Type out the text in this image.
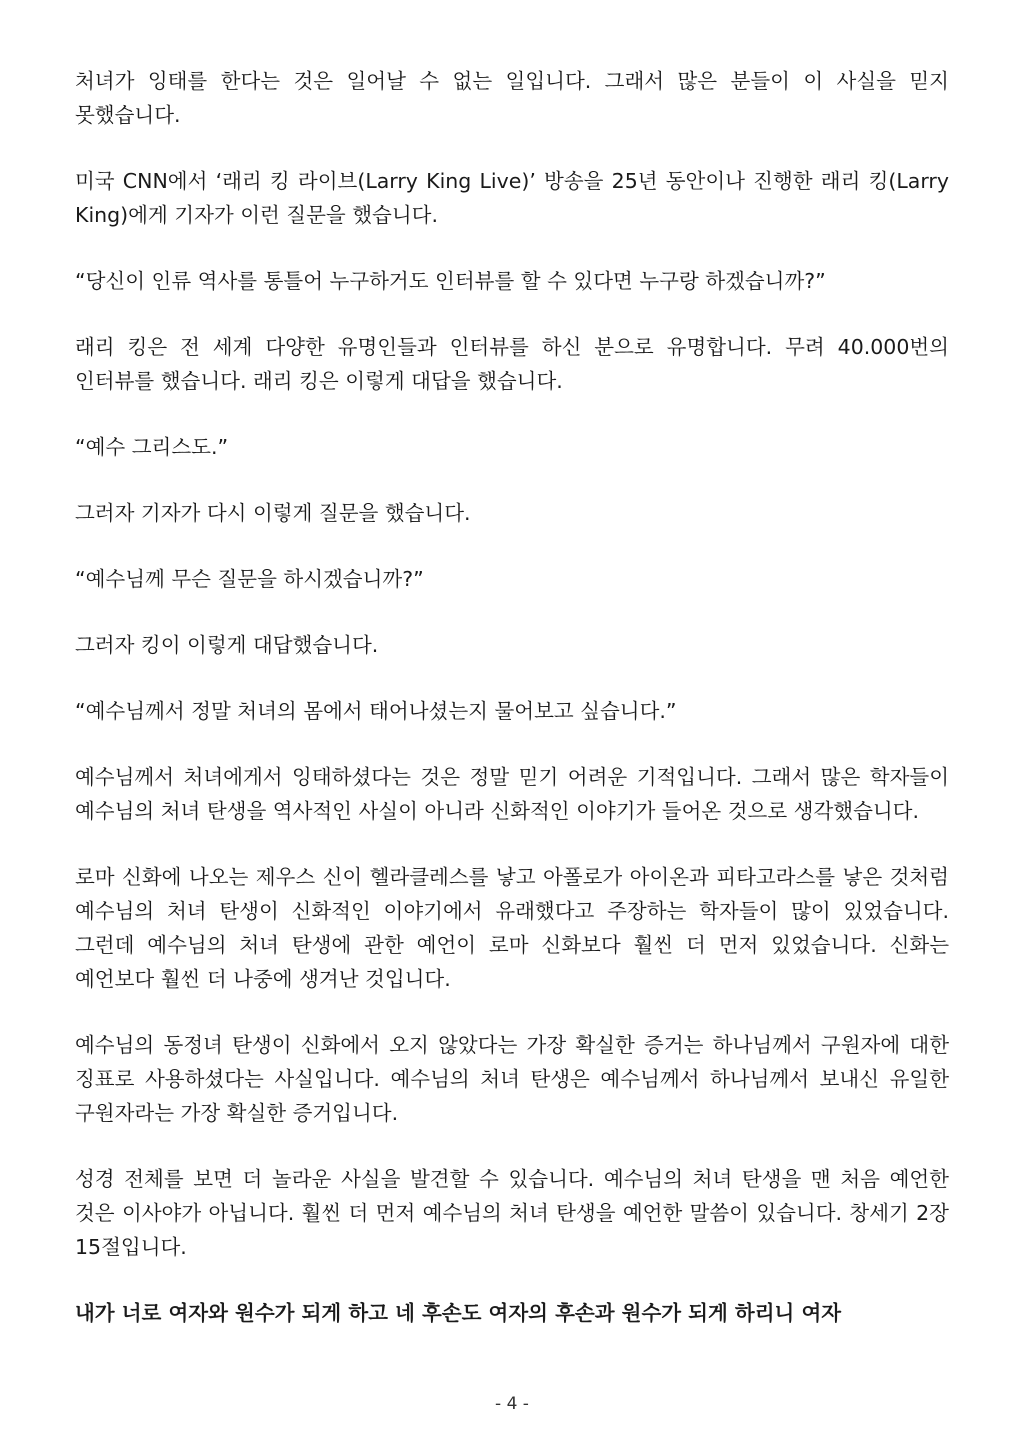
처녀가 잉태를 한다는 것은 일어날 수 없는 일입니다. 그래서 많은 분들이 이 사실을 믿지 못했습니다.

미국 CNN에서 ‘래리 킹 라이브(Larry King Live)’ 방송을 25년 동안이나 진행한 래리 킹(Larry King)에게 기자가 이런 질문을 했습니다.

“당신이 인류 역사를 통틀어 누구하거도 인터뷰를 할 수 있다면 누구랑 하겠습니까?”

래리 킹은 전 세계 다양한 유명인들과 인터뷰를 하신 분으로 유명합니다. 무려 40.000번의 인터뷰를 했습니다. 래리 킹은 이렇게 대답을 했습니다.

“예수 그리스도.”

그러자 기자가 다시 이렇게 질문을 했습니다.

“예수님께 무슨 질문을 하시겠습니까?”

그러자 킹이 이렇게 대답했습니다.

“예수님께서 정말 처녀의 몸에서 태어나셨는지 물어보고 싶습니다.”

예수님께서 처녀에게서 잉태하셨다는 것은 정말 믿기 어려운 기적입니다. 그래서 많은 학자들이 예수님의 처녀 탄생을 역사적인 사실이 아니라 신화적인 이야기가 들어온 것으로 생각했습니다.

로마 신화에 나오는 제우스 신이 헬라클레스를 낳고 아폴로가 아이온과 피타고라스를 낳은 것처럼 예수님의 처녀 탄생이 신화적인 이야기에서 유래했다고 주장하는 학자들이 많이 있었습니다. 그런데 예수님의 처녀 탄생에 관한 예언이 로마 신화보다 훨씬 더 먼저 있었습니다. 신화는 예언보다 훨씬 더 나중에 생겨난 것입니다.

예수님의 동정녀 탄생이 신화에서 오지 않았다는 가장 확실한 증거는 하나님께서 구원자에 대한 징표로 사용하셨다는 사실입니다. 예수님의 처녀 탄생은 예수님께서 하나님께서 보내신 유일한 구원자라는 가장 확실한 증거입니다.

성경 전체를 보면 더 놀라운 사실을 발견할 수 있습니다. 예수님의 처녀 탄생을 맨 처음 예언한 것은 이사야가 아닙니다. 훨씬 더 먼저 예수님의 처녀 탄생을 예언한 말씀이 있습니다. 창세기 2장 15절입니다.

내가 너로 여자와 원수가 되게 하고 네 후손도 여자의 후손과 원수가 되게 하리니 여자

- 4 -
